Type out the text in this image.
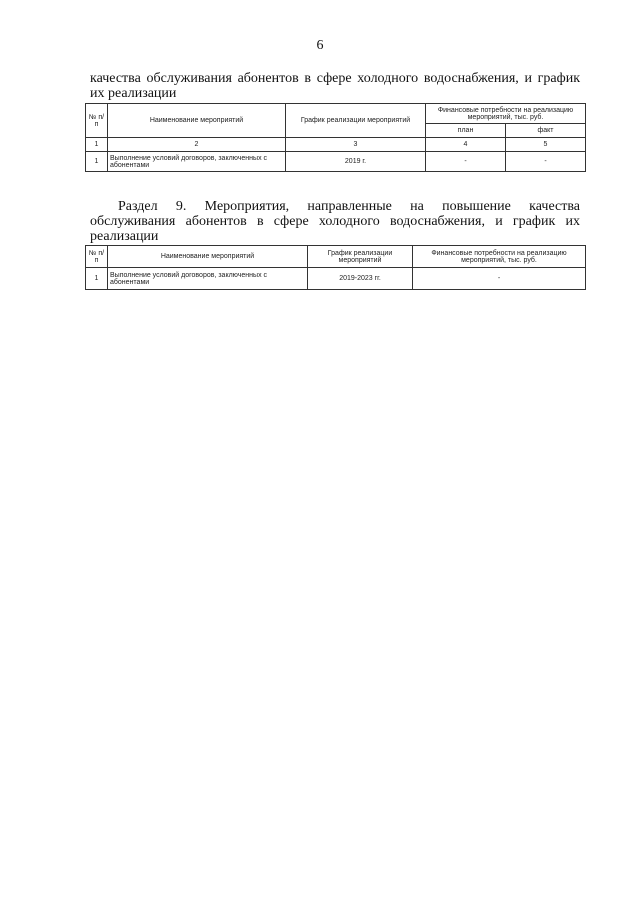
6
качества обслуживания абонентов в сфере холодного водоснабжения, и график
их реализации
№ п/п	Наименование мероприятий	График реализации мероприятий	Финансовые потребности на реализацию мероприятий, тыс. руб.	
			план	факт
1	2	3	4	5
1	Выполнение условий договоров, заключенных с абонентами	2019 г.	-	-
Раздел 9. Мероприятия, направленные на повышение качества
обслуживания абонентов в сфере холодного водоснабжения, и график их
реализации
№ п/п	Наименование мероприятий	График реализации мероприятий	Финансовые потребности на реализацию мероприятий, тыс. руб.
1	Выполнение условий договоров, заключенных с абонентами	2019-2023 гг.	-
